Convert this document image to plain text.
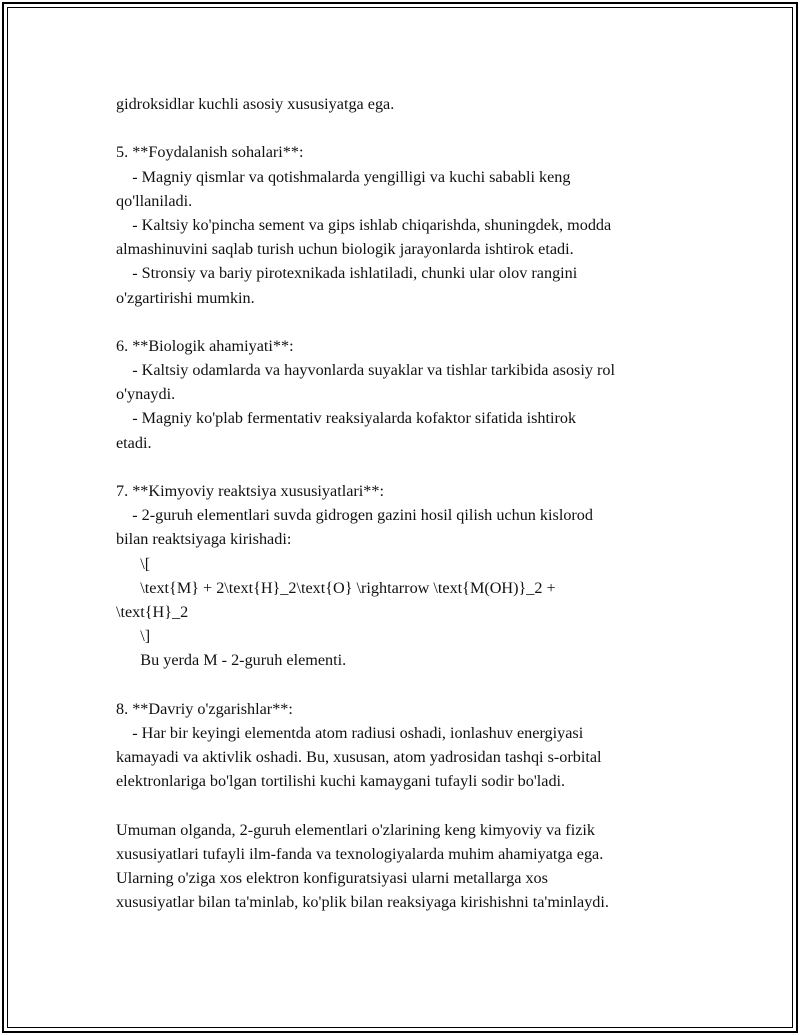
gidroksidlar kuchli asosiy xususiyatga ega.

5. **Foydalanish sohalari**:

- Magniy qismlar va qotishmalarda yengilligi va kuchi sababli keng

qo'llaniladi.

- Kaltsiy ko'pincha sement va gips ishlab chiqarishda, shuningdek, modda

almashinuvini saqlab turish uchun biologik jarayonlarda ishtirok etadi.

- Stronsiy va bariy pirotexnikada ishlatiladi, chunki ular olov rangini

o'zgartirishi mumkin.

6. **Biologik ahamiyati**:

- Kaltsiy odamlarda va hayvonlarda suyaklar va tishlar tarkibida asosiy rol

o'ynaydi.

- Magniy ko'plab fermentativ reaksiyalarda kofaktor sifatida ishtirok

etadi.

7. **Kimyoviy reaktsiya xususiyatlari**:

- 2-guruh elementlari suvda gidrogen gazini hosil qilish uchun kislorod

bilan reaktsiyaga kirishadi:

\[

\text{M} + 2\text{H}_2\text{O} \rightarrow \text{M(OH)}_2 +

\text{H}_2

\]

Bu yerda M - 2-guruh elementi.

8. **Davriy o'zgarishlar**:

- Har bir keyingi elementda atom radiusi oshadi, ionlashuv energiyasi

kamayadi va aktivlik oshadi. Bu, xususan, atom yadrosidan tashqi s-orbital

elektronlariga bo'lgan tortilishi kuchi kamaygani tufayli sodir bo'ladi.

Umuman olganda, 2-guruh elementlari o'zlarining keng kimyoviy va fizik

xususiyatlari tufayli ilm-fanda va texnologiyalarda muhim ahamiyatga ega.

Ularning o'ziga xos elektron konfiguratsiyasi ularni metallarga xos

xususiyatlar bilan ta'minlab, ko'plik bilan reaksiyaga kirishishni ta'minlaydi.
